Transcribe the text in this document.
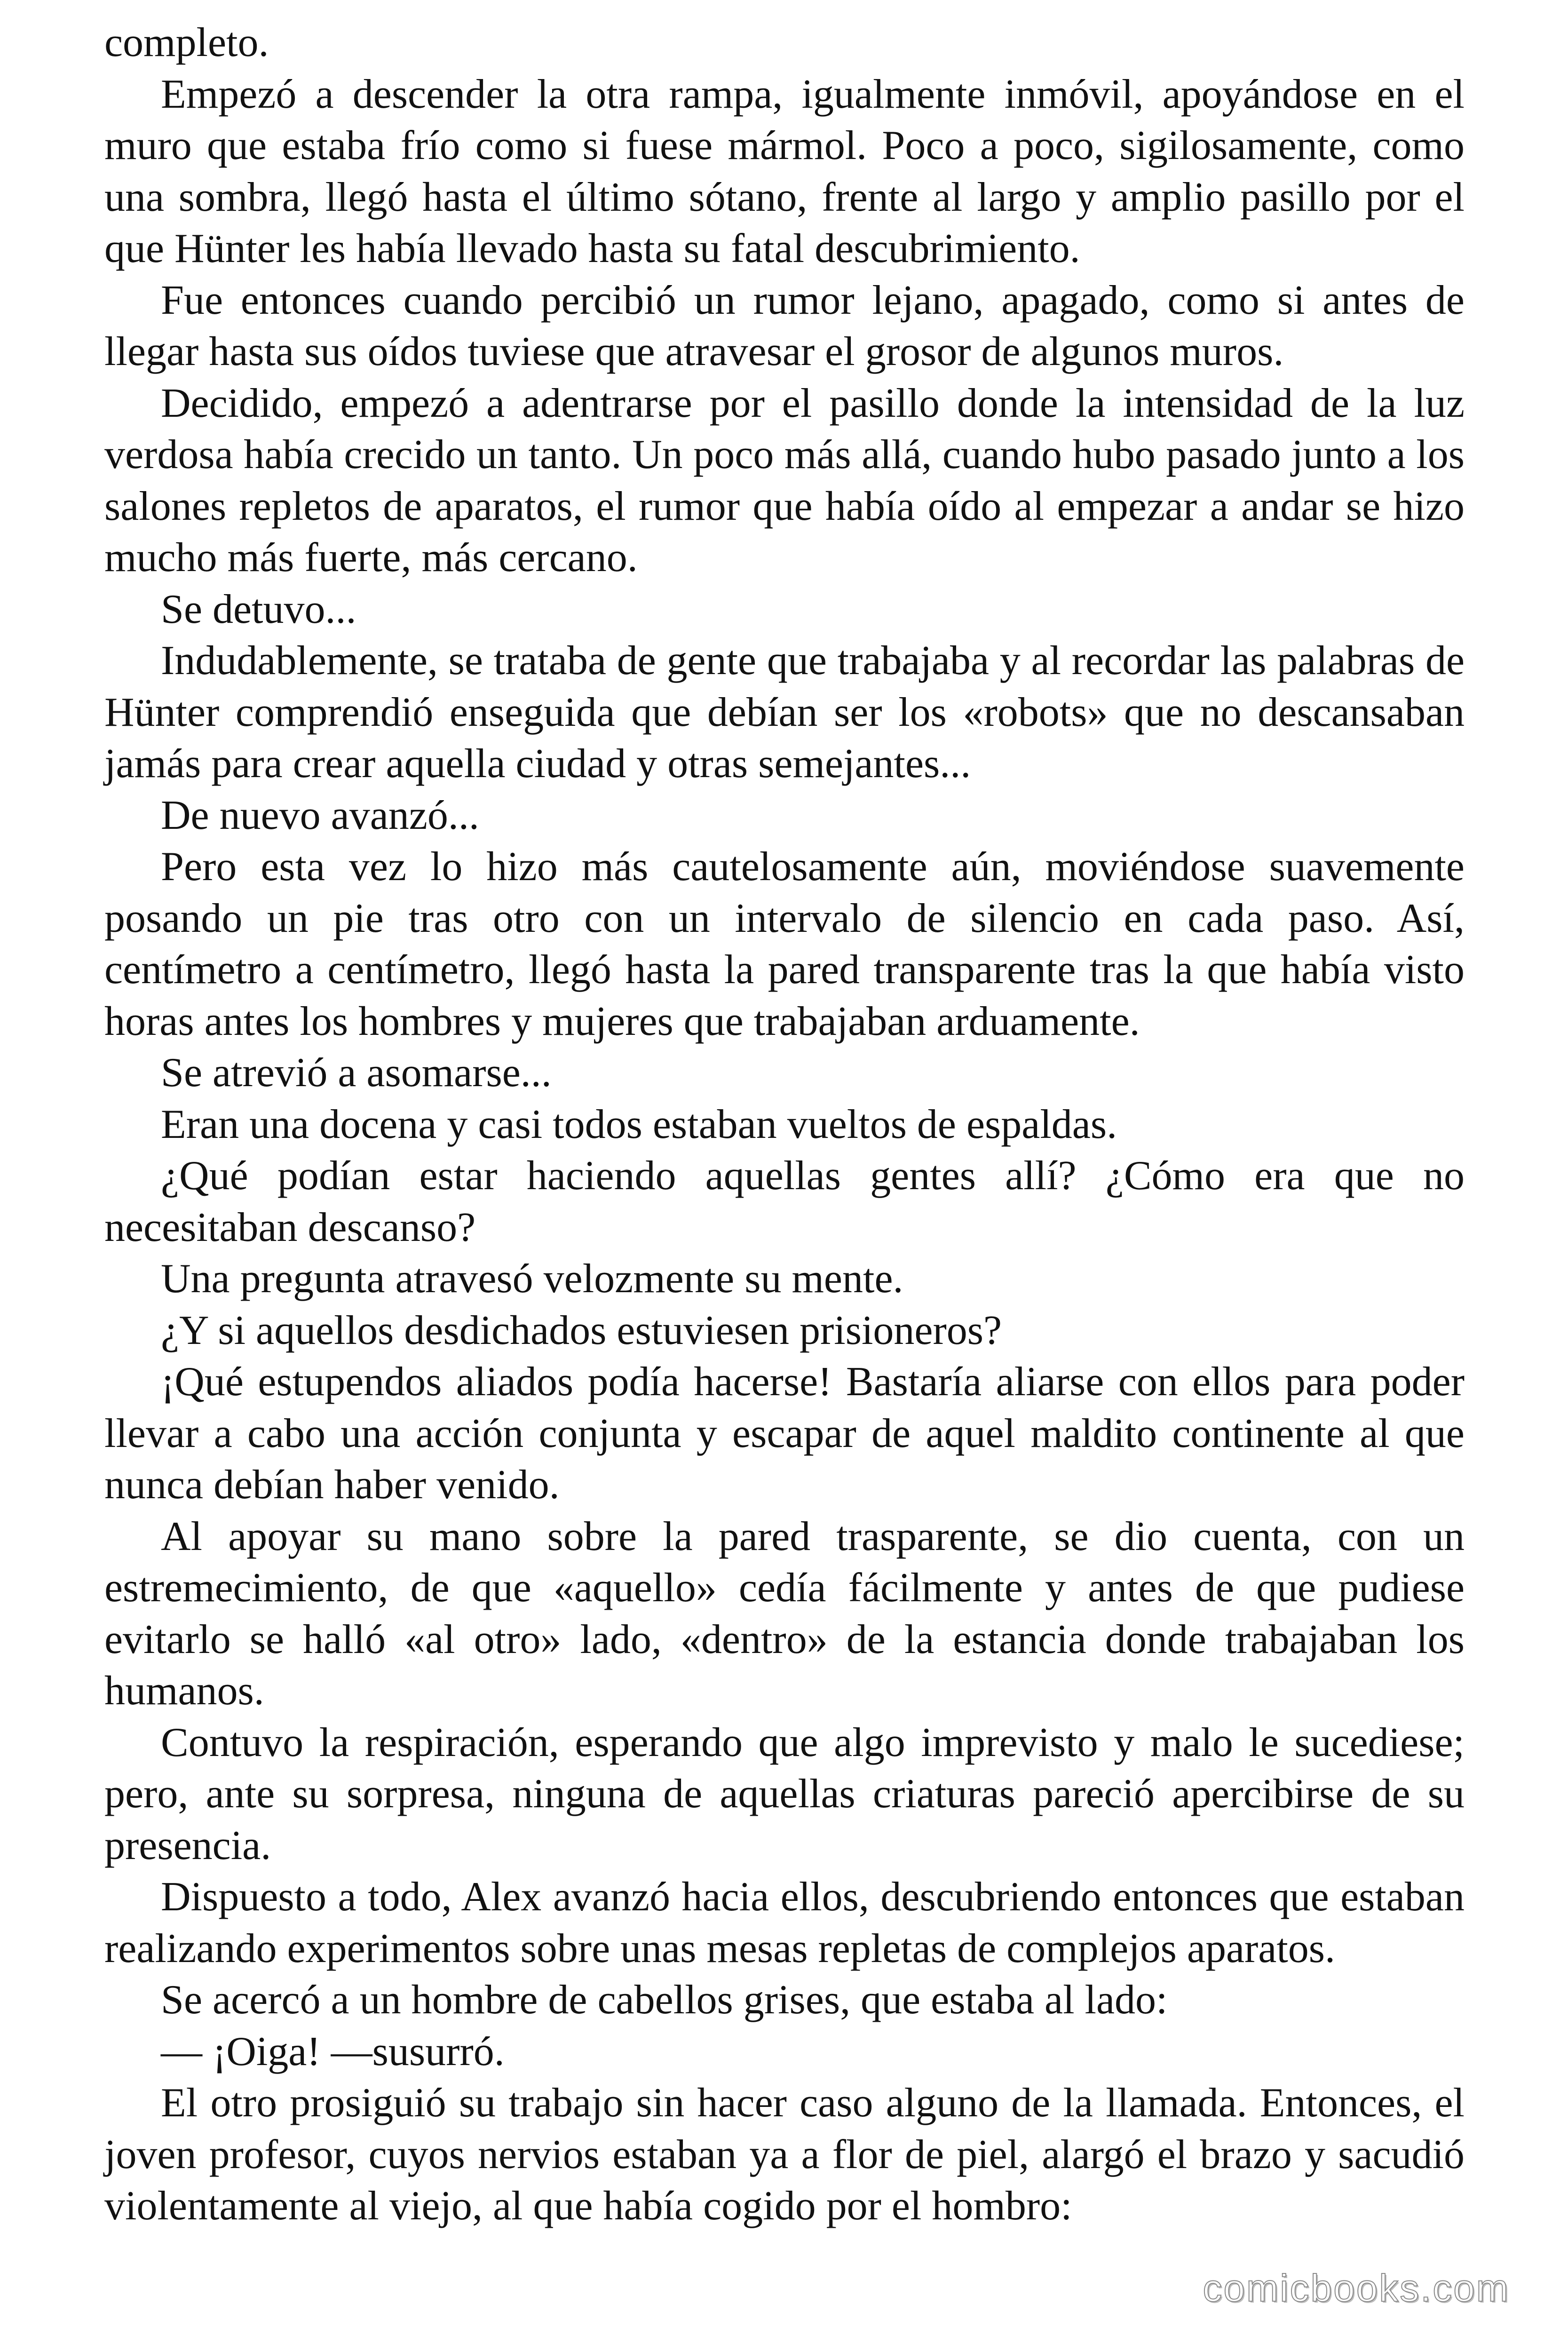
completo.

Empezó a descender la otra rampa, igualmente inmóvil, apoyándose en el muro que estaba frío como si fuese mármol. Poco a poco, sigilosamente, como una sombra, llegó hasta el último sótano, frente al largo y amplio pasillo por el que Hünter les había llevado hasta su fatal descubrimiento.

Fue entonces cuando percibió un rumor lejano, apagado, como si antes de llegar hasta sus oídos tuviese que atravesar el grosor de algunos muros.

Decidido, empezó a adentrarse por el pasillo donde la intensidad de la luz verdosa había crecido un tanto. Un poco más allá, cuando hubo pasado junto a los salones repletos de aparatos, el rumor que había oído al empezar a andar se hizo mucho más fuerte, más cercano.

Se detuvo...

Indudablemente, se trataba de gente que trabajaba y al recordar las palabras de Hünter comprendió enseguida que debían ser los «robots» que no descansaban jamás para crear aquella ciudad y otras semejantes...

De nuevo avanzó...

Pero esta vez lo hizo más cautelosamente aún, moviéndose suavemente posando un pie tras otro con un intervalo de silencio en cada paso. Así, centímetro a centímetro, llegó hasta la pared transparente tras la que había visto horas antes los hombres y mujeres que trabajaban arduamente.

Se atrevió a asomarse...

Eran una docena y casi todos estaban vueltos de espaldas.

¿Qué podían estar haciendo aquellas gentes allí? ¿Cómo era que no necesitaban descanso?

Una pregunta atravesó velozmente su mente.

¿Y si aquellos desdichados estuviesen prisioneros?

¡Qué estupendos aliados podía hacerse! Bastaría aliarse con ellos para poder llevar a cabo una acción conjunta y escapar de aquel maldito continente al que nunca debían haber venido.

Al apoyar su mano sobre la pared trasparente, se dio cuenta, con un estremecimiento, de que «aquello» cedía fácilmente y antes de que pudiese evitarlo se halló «al otro» lado, «dentro» de la estancia donde trabajaban los humanos.

Contuvo la respiración, esperando que algo imprevisto y malo le sucediese; pero, ante su sorpresa, ninguna de aquellas criaturas pareció apercibirse de su presencia.

Dispuesto a todo, Alex avanzó hacia ellos, descubriendo entonces que estaban realizando experimentos sobre unas mesas repletas de complejos aparatos.

Se acercó a un hombre de cabellos grises, que estaba al lado:

— ¡Oiga! —susurró.

El otro prosiguió su trabajo sin hacer caso alguno de la llamada. Entonces, el joven profesor, cuyos nervios estaban ya a flor de piel, alargó el brazo y sacudió violentamente al viejo, al que había cogido por el hombro:

comicbooks.com
